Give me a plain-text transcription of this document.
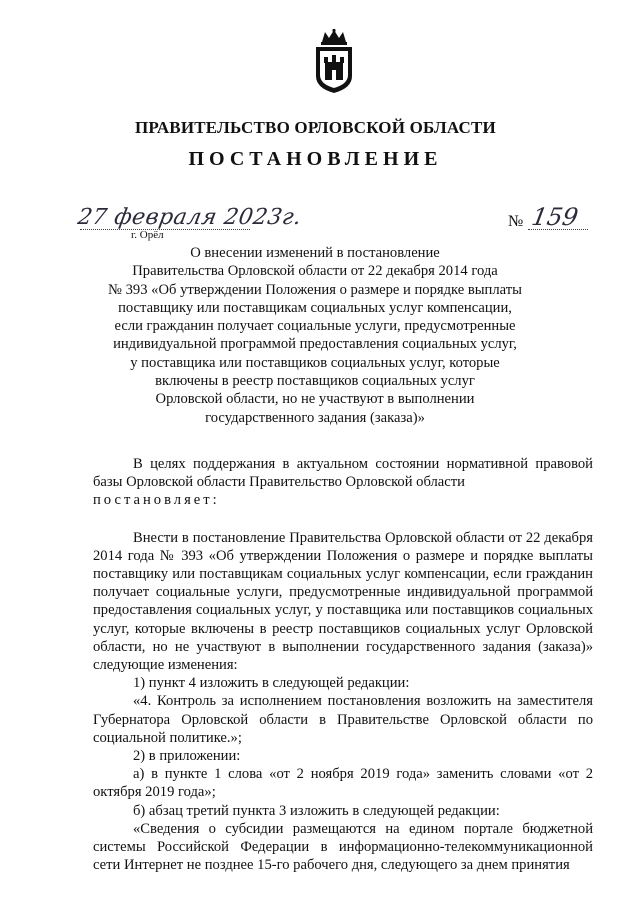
ПРАВИТЕЛЬСТВО ОРЛОВСКОЙ ОБЛАСТИ
ПОСТАНОВЛЕНИЕ
27 февраля 2023г.
г. Орёл
№ 159
О внесении изменений в постановление
Правительства Орловской области от 22 декабря 2014 года
№ 393 «Об утверждении Положения о размере и порядке выплаты
поставщику или поставщикам социальных услуг компенсации,
если гражданин получает социальные услуги, предусмотренные
индивидуальной программой предоставления социальных услуг,
у поставщика или поставщиков социальных услуг, которые
включены в реестр поставщиков социальных услуг
Орловской области, но не участвуют в выполнении
государственного задания (заказа)»

В целях поддержания в актуальном состоянии нормативной правовой базы Орловской области Правительство Орловской области

постановляет:

Внести в постановление Правительства Орловской области от 22 декабря 2014 года № 393 «Об утверждении Положения о размере и порядке выплаты поставщику или поставщикам социальных услуг компенсации, если гражданин получает социальные услуги, предусмотренные индивидуальной программой предоставления социальных услуг, у поставщика или поставщиков социальных услуг, которые включены в реестр поставщиков социальных услуг Орловской области, но не участвуют в выполнении государственного задания (заказа)» следующие изменения:

1) пункт 4 изложить в следующей редакции:

«4. Контроль за исполнением постановления возложить на заместителя Губернатора Орловской области в Правительстве Орловской области по социальной политике.»;

2) в приложении:

а) в пункте 1 слова «от 2 ноября 2019 года» заменить словами «от 2 октября 2019 года»;

б) абзац третий пункта 3 изложить в следующей редакции:

«Сведения о субсидии размещаются на едином портале бюджетной системы Российской Федерации в информационно-телекоммуникационной сети Интернет не позднее 15-го рабочего дня, следующего за днем принятия
